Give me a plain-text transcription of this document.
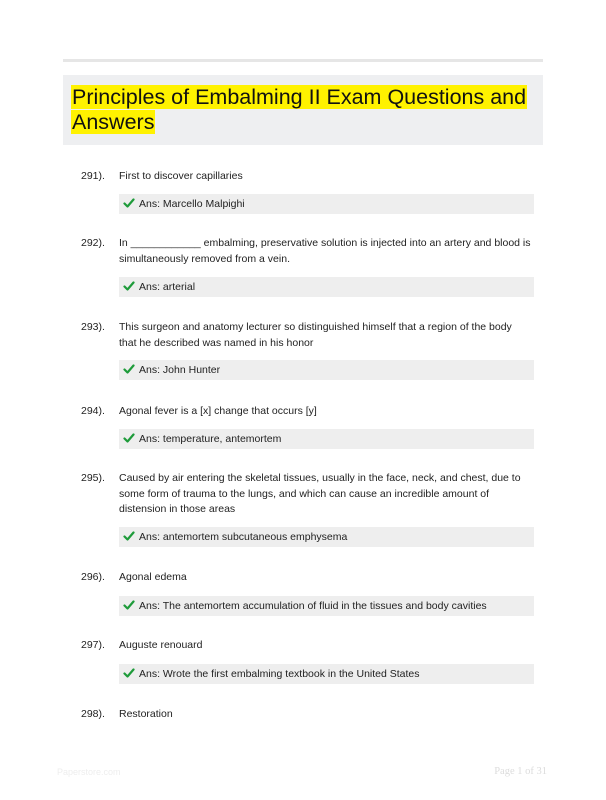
Principles of Embalming II Exam Questions and Answers
291). First to discover capillaries
Ans: Marcello Malpighi
292). In ____________ embalming, preservative solution is injected into an artery and blood is simultaneously removed from a vein.
Ans: arterial
293). This surgeon and anatomy lecturer so distinguished himself that a region of the body that he described was named in his honor
Ans: John Hunter
294). Agonal fever is a [x] change that occurs [y]
Ans: temperature, antemortem
295). Caused by air entering the skeletal tissues, usually in the face, neck, and chest, due to some form of trauma to the lungs, and which can cause an incredible amount of distension in those areas
Ans: antemortem subcutaneous emphysema
296). Agonal edema
Ans: The antemortem accumulation of fluid in the tissues and body cavities
297). Auguste renouard
Ans: Wrote the first embalming textbook in the United States
298). Restoration
Paperstore.com	Page 1 of 31
